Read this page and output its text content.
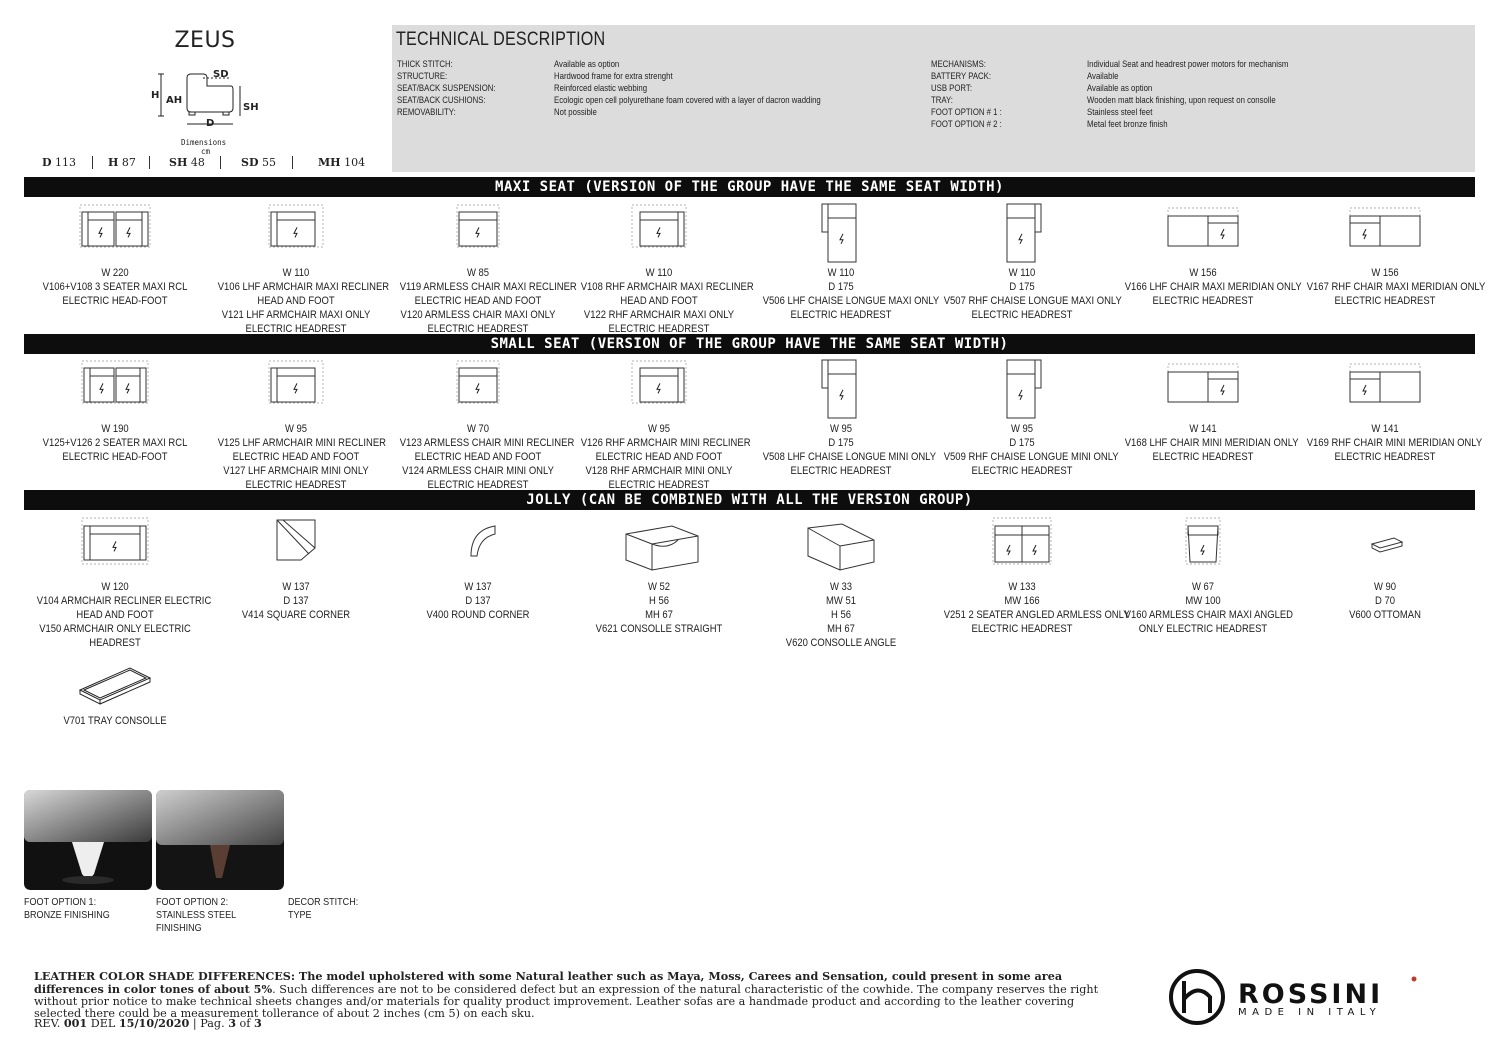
ZEUS
SD
H AH
SH
D
Dimensions
cm
D 113	H 87	SH 48	SD 55	MH 104
TECHNICAL DESCRIPTION
THICK STITCH:	Available as option
STRUCTURE:	Hardwood frame for extra strenght
SEAT/BACK SUSPENSION:	Reinforced elastic webbing
SEAT/BACK CUSHIONS:	Ecologic open cell polyurethane foam covered with a layer of dacron wadding
REMOVABILITY:	Not possible
MECHANISMS:	Individual Seat and headrest power motors for mechanism
BATTERY PACK:	Available
USB PORT:	Available as option
TRAY:	Wooden matt black finishing, upon request on consolle
FOOT OPTION # 1 :	Stainless steel feet
FOOT OPTION # 2 :	Metal feet bronze finish
MAXI SEAT (VERSION OF THE GROUP HAVE THE SAME SEAT WIDTH)
SMALL SEAT (VERSION OF THE GROUP HAVE THE SAME SEAT WIDTH)
JOLLY (CAN BE COMBINED WITH ALL THE VERSION GROUP)
W 220
V106+V108 3 SEATER MAXI RCL
ELECTRIC HEAD-FOOT
W 110
V106 LHF ARMCHAIR MAXI RECLINER
HEAD AND FOOT
V121 LHF ARMCHAIR MAXI ONLY
ELECTRIC HEADREST
W 85
V119 ARMLESS CHAIR MAXI RECLINER
ELECTRIC HEAD AND FOOT
V120 ARMLESS CHAIR MAXI ONLY
ELECTRIC HEADREST
W 110
V108 RHF ARMCHAIR MAXI RECLINER
HEAD AND FOOT
V122 RHF ARMCHAIR MAXI ONLY
ELECTRIC HEADREST
W 110
D 175
V506 LHF CHAISE LONGUE MAXI ONLY
ELECTRIC HEADREST
W 110
D 175
V507 RHF CHAISE LONGUE MAXI ONLY
ELECTRIC HEADREST
W 156
V166 LHF CHAIR MAXI MERIDIAN ONLY
ELECTRIC HEADREST
W 156
V167 RHF CHAIR MAXI MERIDIAN ONLY
ELECTRIC HEADREST
W 190
V125+V126 2 SEATER MAXI RCL
ELECTRIC HEAD-FOOT
W 95
V125 LHF ARMCHAIR MINI RECLINER
ELECTRIC HEAD AND FOOT
V127 LHF ARMCHAIR MINI ONLY
ELECTRIC HEADREST
W 70
V123 ARMLESS CHAIR MINI RECLINER
ELECTRIC HEAD AND FOOT
V124 ARMLESS CHAIR MINI ONLY
ELECTRIC HEADREST
W 95
V126 RHF ARMCHAIR MINI RECLINER
ELECTRIC HEAD AND FOOT
V128 RHF ARMCHAIR MINI ONLY
ELECTRIC HEADREST
W 95
D 175
V508 LHF CHAISE LONGUE MINI ONLY
ELECTRIC HEADREST
W 95
D 175
V509 RHF CHAISE LONGUE MINI ONLY
ELECTRIC HEADREST
W 141
V168 LHF CHAIR MINI MERIDIAN ONLY
ELECTRIC HEADREST
W 141
V169 RHF CHAIR MINI MERIDIAN ONLY
ELECTRIC HEADREST
W 120
V104 ARMCHAIR RECLINER ELECTRIC
HEAD AND FOOT
V150 ARMCHAIR ONLY ELECTRIC
HEADREST
W 137
D 137
V414 SQUARE CORNER
W 137
D 137
V400 ROUND CORNER
W 52
H 56
MH 67
V621 CONSOLLE STRAIGHT
W 33
MW 51
H 56
MH 67
V620 CONSOLLE ANGLE
W 133
MW 166
V251 2 SEATER ANGLED ARMLESS ONLY
ELECTRIC HEADREST
W 67
MW 100
V160 ARMLESS CHAIR MAXI ANGLED
ONLY ELECTRIC HEADREST
W 90
D 70
V600 OTTOMAN
V701 TRAY CONSOLLE
FOOT OPTION 1:
BRONZE FINISHING
FOOT OPTION 2:
STAINLESS STEEL
FINISHING
DECOR STITCH:
TYPE
LEATHER COLOR SHADE DIFFERENCES: The model upholstered with some Natural leather such as Maya, Moss, Carees and Sensation, could present in some area differences in color tones of about 5%. Such differences are not to be considered defect but an expression of the natural characteristic of the cowhide. The company reserves the right without prior notice to make technical sheets changes and/or materials for quality product improvement. Leather sofas are a handmade product and according to the leather covering selected there could be a measurement tollerance of about 2 inches (cm 5) on each sku.
REV. 001 DEL 15/10/2020 | Pag. 3 of 3
ROSSINI
MADE IN ITALY
